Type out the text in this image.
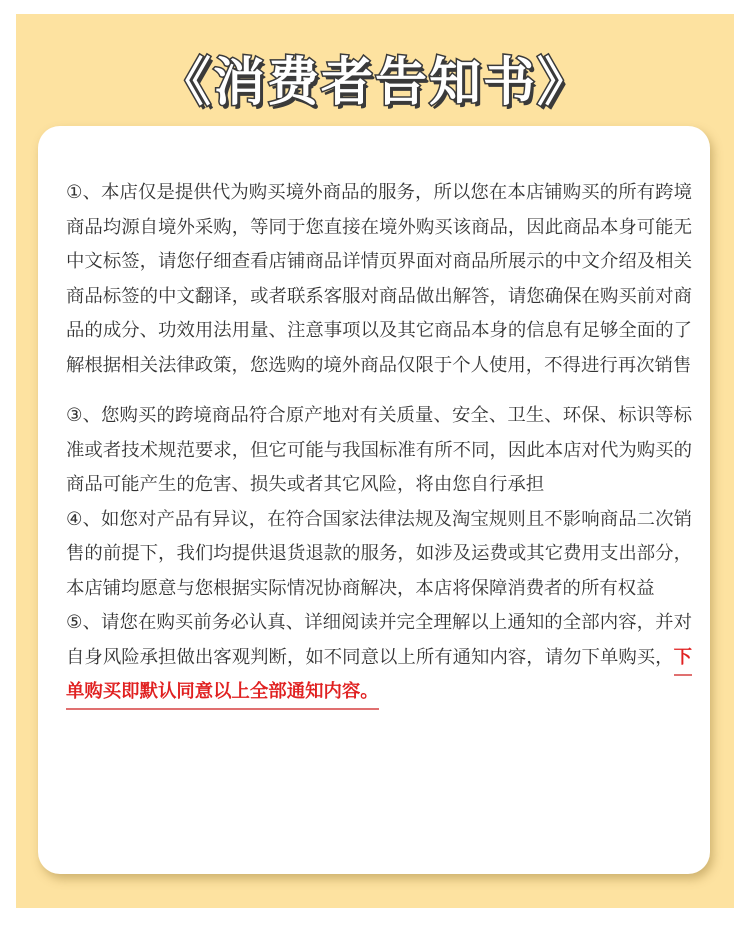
《消费者告知书》

①、本店仅是提供代为购买境外商品的服务，所以您在本店铺购买的所有跨境商品均源自境外采购，等同于您直接在境外购买该商品，因此商品本身可能无中文标签，请您仔细查看店铺商品详情页界面对商品所展示的中文介绍及相关商品标签的中文翻译，或者联系客服对商品做出解答，请您确保在购买前对商品的成分、功效用法用量、注意事项以及其它商品本身的信息有足够全面的了解根据相关法律政策，您选购的境外商品仅限于个人使用，不得进行再次销售

③、您购买的跨境商品符合原产地对有关质量、安全、卫生、环保、标识等标准或者技术规范要求，但它可能与我国标准有所不同，因此本店对代为购买的商品可能产生的危害、损失或者其它风险，将由您自行承担

④、如您对产品有异议，在符合国家法律法规及淘宝规则且不影响商品二次销售的前提下，我们均提供退货退款的服务，如涉及运费或其它费用支出部分，本店铺均愿意与您根据实际情况协商解决，本店将保障消费者的所有权益

⑤、请您在购买前务必认真、详细阅读并完全理解以上通知的全部内容，并对自身风险承担做出客观判断，如不同意以上所有通知内容，请勿下单购买，下单购买即默认同意以上全部通知内容。
